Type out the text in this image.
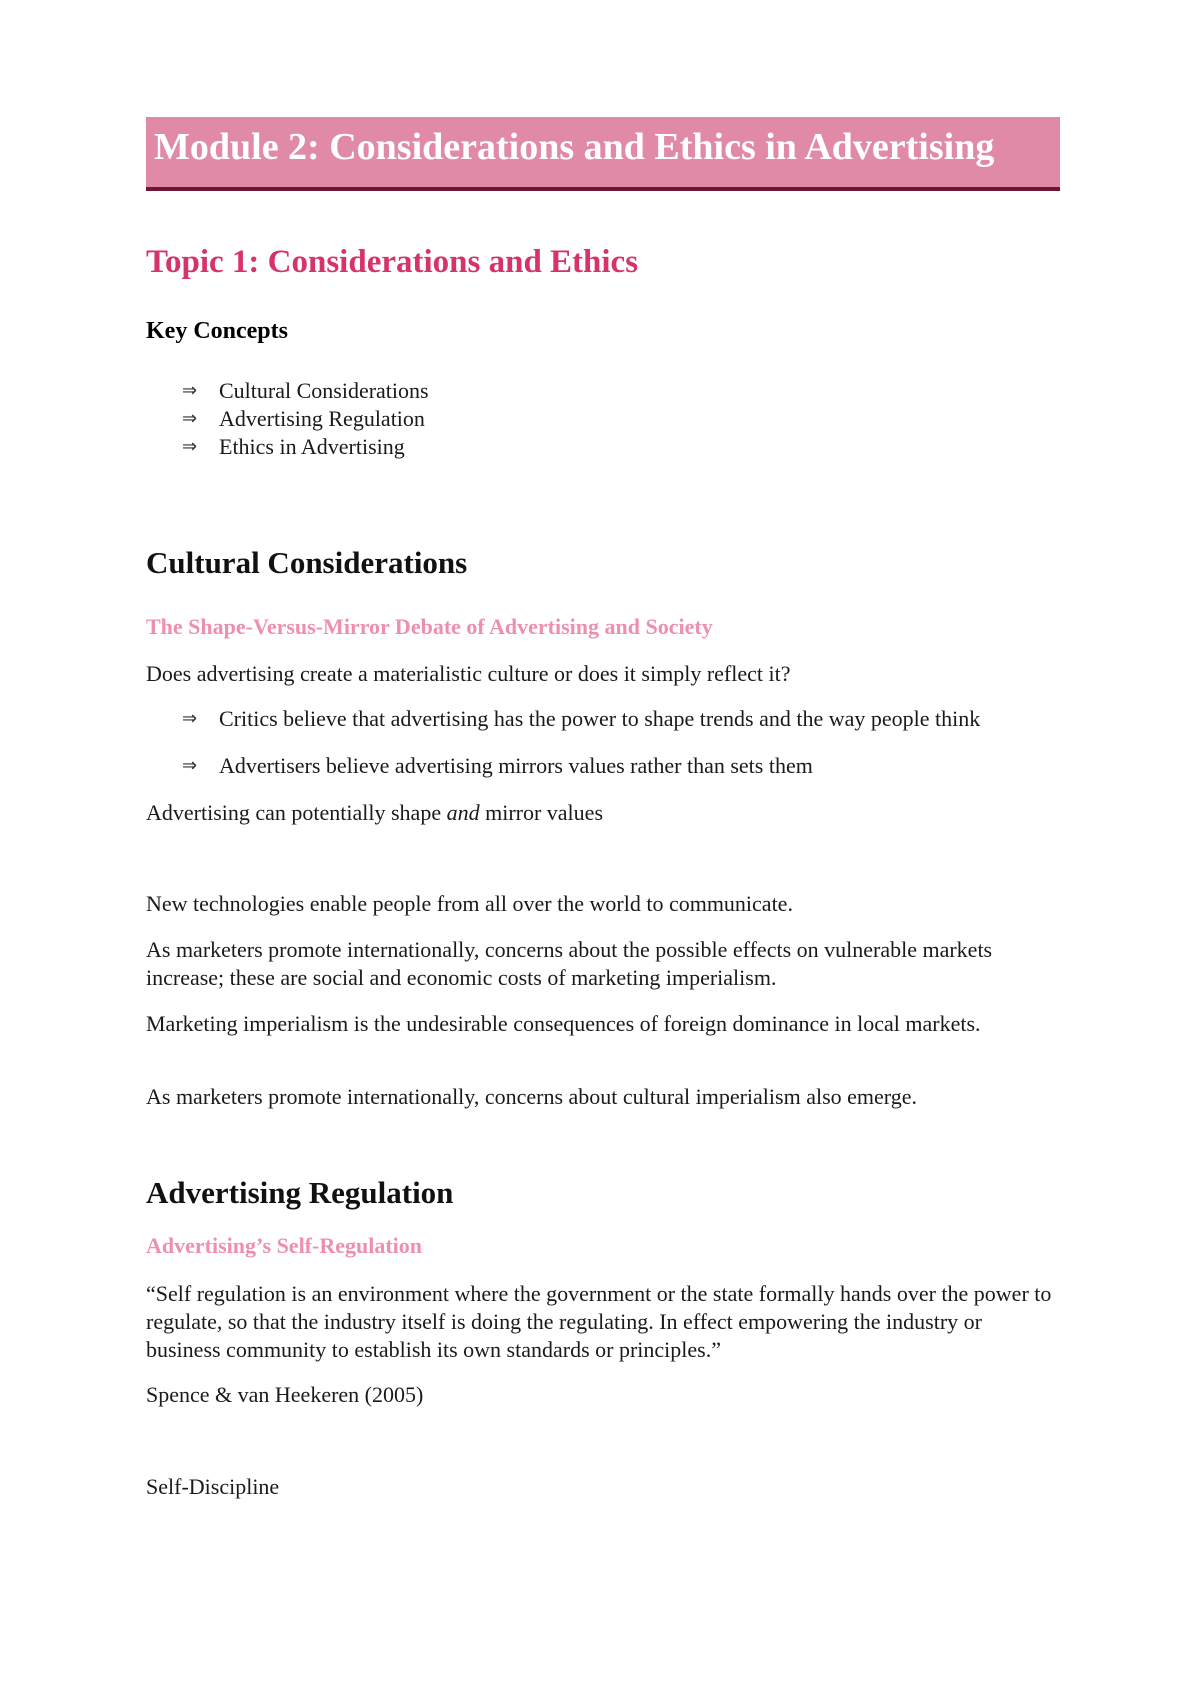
Module 2: Considerations and Ethics in Advertising
Topic 1: Considerations and Ethics
Key Concepts
⇒ Cultural Considerations
⇒ Advertising Regulation
⇒ Ethics in Advertising
Cultural Considerations
The Shape-Versus-Mirror Debate of Advertising and Society

Does advertising create a materialistic culture or does it simply reflect it?

⇒ Critics believe that advertising has the power to shape trends and the way people think
⇒ Advertisers believe advertising mirrors values rather than sets them

Advertising can potentially shape and mirror values

New technologies enable people from all over the world to communicate.

As marketers promote internationally, concerns about the possible effects on vulnerable markets increase; these are social and economic costs of marketing imperialism.

Marketing imperialism is the undesirable consequences of foreign dominance in local markets.

As marketers promote internationally, concerns about cultural imperialism also emerge.

Advertising Regulation
Advertising’s Self-Regulation

“Self regulation is an environment where the government or the state formally hands over the power to regulate, so that the industry itself is doing the regulating. In effect empowering the industry or business community to establish its own standards or principles.”

Spence & van Heekeren (2005)

Self-Discipline
